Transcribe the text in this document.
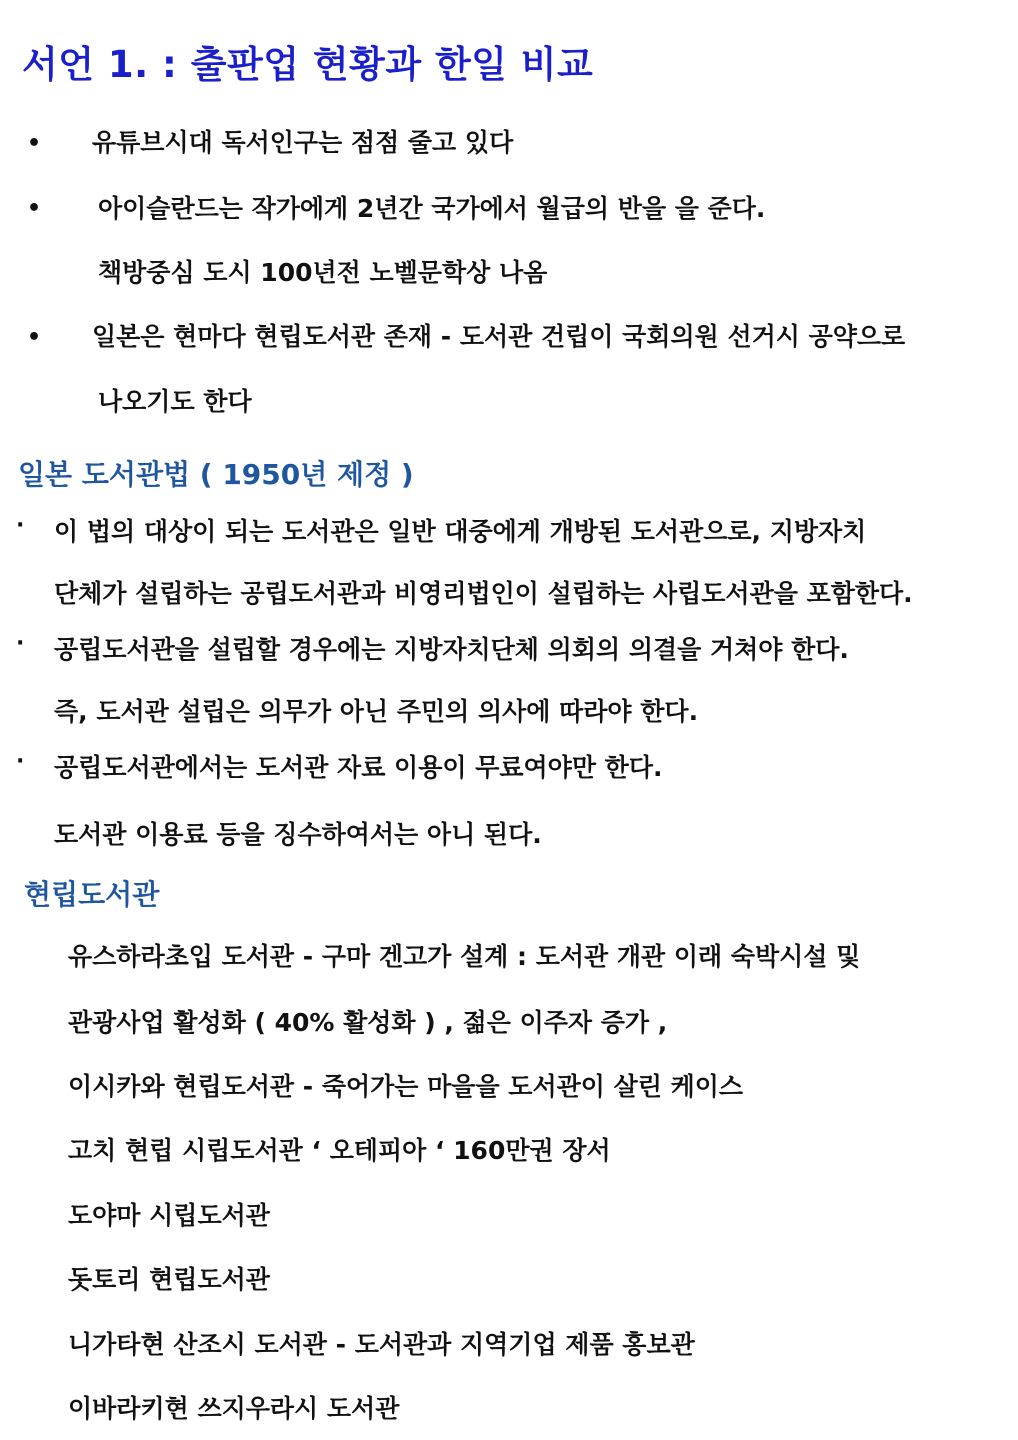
서언 1. : 출판업 현황과 한일 비교
• 유튜브시대 독서인구는 점점 줄고 있다
• 아이슬란드는 작가에게 2년간 국가에서 월급의 반을 을 준다.
책방중심 도시 100년전 노벨문학상 나옴
• 일본은 현마다 현립도서관 존재 - 도서관 건립이 국회의원 선거시 공약으로
나오기도 한다
일본 도서관법 ( 1950년 제정 )
· 이 법의 대상이 되는 도서관은 일반 대중에게 개방된 도서관으로, 지방자치
단체가 설립하는 공립도서관과 비영리법인이 설립하는 사립도서관을 포함한다.
· 공립도서관을 설립할 경우에는 지방자치단체 의회의 의결을 거쳐야 한다.
즉, 도서관 설립은 의무가 아닌 주민의 의사에 따라야 한다.
· 공립도서관에서는 도서관 자료 이용이 무료여야만 한다.
도서관 이용료 등을 징수하여서는 아니 된다.
현립도서관
유스하라초입 도서관 - 구마 겐고가 설계 : 도서관 개관 이래 숙박시설 및
관광사업 활성화 ( 40% 활성화 ) , 젊은 이주자 증가 ,
이시카와 현립도서관 - 죽어가는 마을을 도서관이 살린 케이스
고치 현립 시립도서관 ‘ 오테피아 ‘ 160만권 장서
도야마 시립도서관
돗토리 현립도서관
니가타현 산조시 도서관 - 도서관과 지역기업 제품 홍보관
이바라키현 쓰지우라시 도서관
